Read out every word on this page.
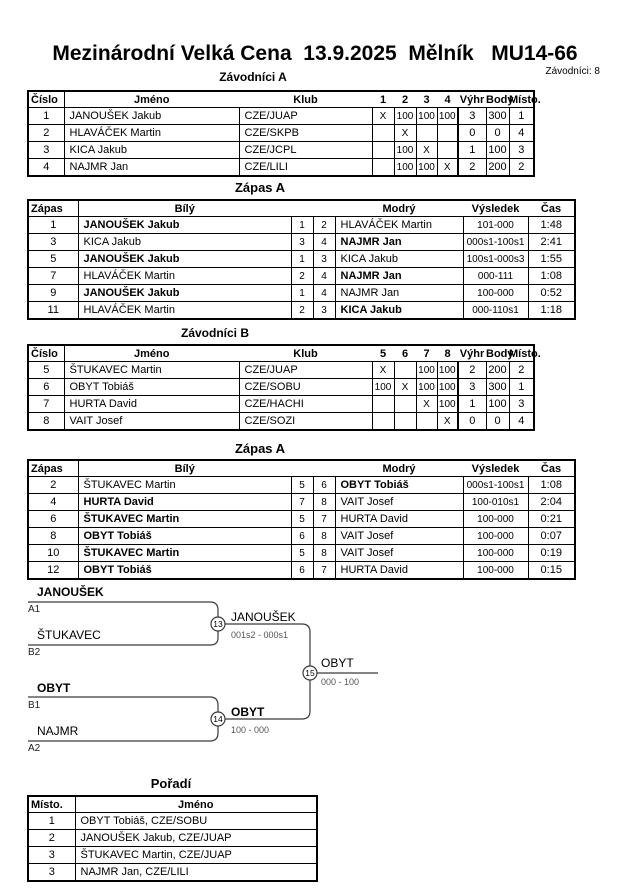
Mezinárodní Velká Cena  13.9.2025  Mělník   MU14-66
Závodníci A	Závodníci: 8
Číslo	Jméno	Klub	1	2	3	4	Výhr	Body	Místo.
1	JANOUŠEK Jakub	CZE/JUAP	X	100	100	100	3	300	1
2	HLAVÁČEK Martin	CZE/SKPB		X			0	0	4
3	KICA Jakub	CZE/JCPL		100	X		1	100	3
4	NAJMR Jan	CZE/LILI		100	100	X	2	200	2
Zápas A
Zápas	Bílý			Modrý	Výsledek	Čas
1	JANOUŠEK Jakub	1	2	HLAVÁČEK Martin	101-000	1:48
3	KICA Jakub	3	4	NAJMR Jan	000s1-100s1	2:41
5	JANOUŠEK Jakub	1	3	KICA Jakub	100s1-000s3	1:55
7	HLAVÁČEK Martin	2	4	NAJMR Jan	000-111	1:08
9	JANOUŠEK Jakub	1	4	NAJMR Jan	100-000	0:52
11	HLAVÁČEK Martin	2	3	KICA Jakub	000-110s1	1:18
Závodníci B
Číslo	Jméno	Klub	5	6	7	8	Výhr	Body	Místo.
5	ŠTUKAVEC Martin	CZE/JUAP	X		100	100	2	200	2
6	OBYT Tobiáš	CZE/SOBU	100	X	100	100	3	300	1
7	HURTA David	CZE/HACHI			X	100	1	100	3
8	VAIT Josef	CZE/SOZI				X	0	0	4
Zápas A
Zápas	Bílý			Modrý	Výsledek	Čas
2	ŠTUKAVEC Martin	5	6	OBYT Tobiáš	000s1-100s1	1:08
4	HURTA David	7	8	VAIT Josef	100-010s1	2:04
6	ŠTUKAVEC Martin	5	7	HURTA David	100-000	0:21
8	OBYT Tobiáš	6	8	VAIT Josef	100-000	0:07
10	ŠTUKAVEC Martin	5	8	VAIT Josef	100-000	0:19
12	OBYT Tobiáš	6	7	HURTA David	100-000	0:15
13
14
15
JANOUŠEK
A1
ŠTUKAVEC
B2
JANOUŠEK
001s2 - 000s1
OBYT
B1
NAJMR
A2
OBYT
100 - 000
OBYT
000 - 100
Pořadí
Místo.	Jméno
1	OBYT Tobiáš, CZE/SOBU
2	JANOUŠEK Jakub, CZE/JUAP
3	ŠTUKAVEC Martin, CZE/JUAP
3	NAJMR Jan, CZE/LILI
